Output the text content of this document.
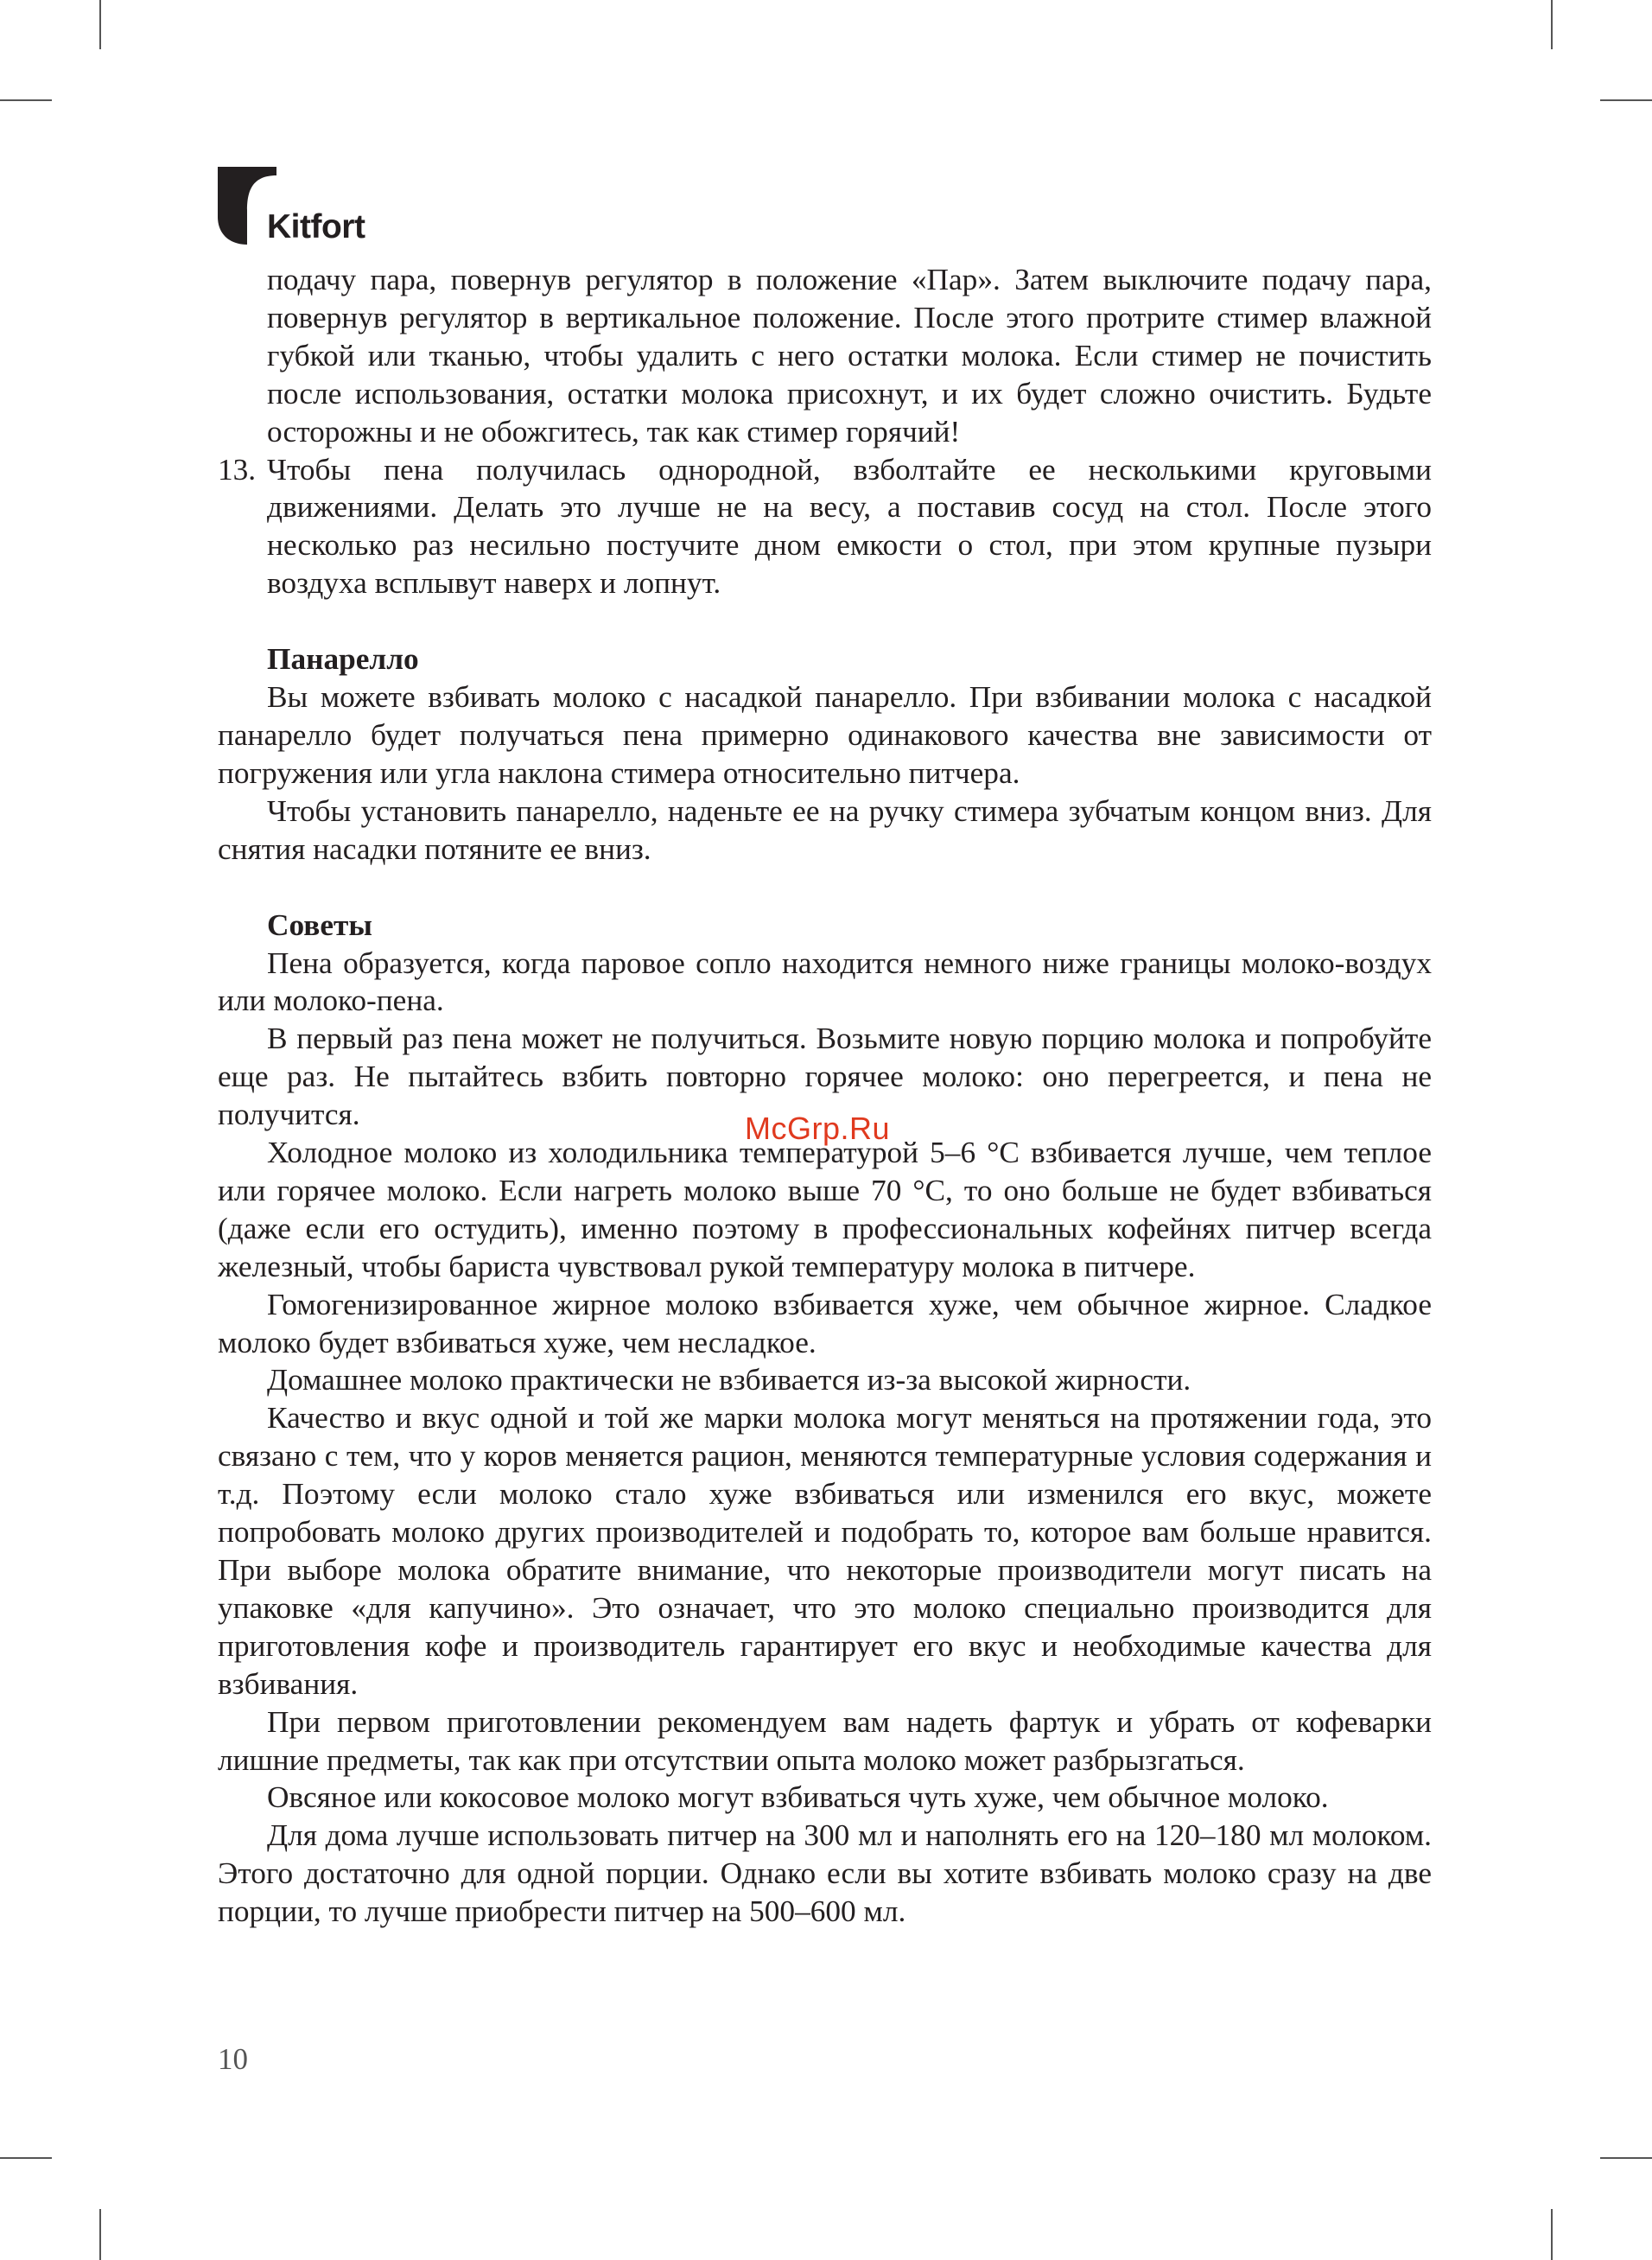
Kitfort

подачу пара, повернув регулятор в положение «Пар». Затем выключите подачу пара, повернув регулятор в вертикальное положение. После этого протрите стимер влажной губкой или тканью, чтобы удалить с него остатки молока. Если стимер не почистить после использования, остатки молока присохнут, и их будет сложно очистить. Будьте осторожны и не обожгитесь, так как стимер горячий!

13. Чтобы пена получилась однородной, взболтайте ее несколькими круговыми движениями. Делать это лучше не на весу, а поставив сосуд на стол. После этого несколько раз несильно постучите дном емкости о стол, при этом крупные пузыри воздуха всплывут наверх и лопнут.

Панарелло

Вы можете взбивать молоко с насадкой панарелло. При взбивании молока с насадкой панарелло будет получаться пена примерно одинакового качества вне зависимости от погружения или угла наклона стимера относительно питчера.

Чтобы установить панарелло, наденьте ее на ручку стимера зубчатым концом вниз. Для снятия насадки потяните ее вниз.

Советы

Пена образуется, когда паровое сопло находится немного ниже границы молоко-воздух или молоко-пена.

В первый раз пена может не получиться. Возьмите новую порцию молока и попробуйте еще раз. Не пытайтесь взбить повторно горячее молоко: оно перегреется, и пена не получится.

Холодное молоко из холодильника температурой 5–6 °С взбивается лучше, чем теплое или горячее молоко. Если нагреть молоко выше 70 °С, то оно больше не будет взбиваться (даже если его остудить), именно поэтому в профессиональных кофейнях питчер всегда железный, чтобы бариста чувствовал рукой температуру молока в питчере.

Гомогенизированное жирное молоко взбивается хуже, чем обычное жирное. Сладкое молоко будет взбиваться хуже, чем несладкое.

Домашнее молоко практически не взбивается из-за высокой жирности.

Качество и вкус одной и той же марки молока могут меняться на протяжении года, это связано с тем, что у коров меняется рацион, меняются температурные условия содержания и т.д. Поэтому если молоко стало хуже взбиваться или изменился его вкус, можете попробовать молоко других производителей и подобрать то, которое вам больше нравится. При выборе молока обратите внимание, что некоторые производители могут писать на упаковке «для капучино». Это означает, что это молоко специально производится для приготовления кофе и производитель гарантирует его вкус и необходимые качества для взбивания.

При первом приготовлении рекомендуем вам надеть фартук и убрать от кофеварки лишние предметы, так как при отсутствии опыта молоко может разбрызгаться.

Овсяное или кокосовое молоко могут взбиваться чуть хуже, чем обычное молоко.

Для дома лучше использовать питчер на 300 мл и наполнять его на 120–180 мл молоком. Этого достаточно для одной порции. Однако если вы хотите взбивать молоко сразу на две порции, то лучше приобрести питчер на 500–600 мл.

McGrp.Ru
10
